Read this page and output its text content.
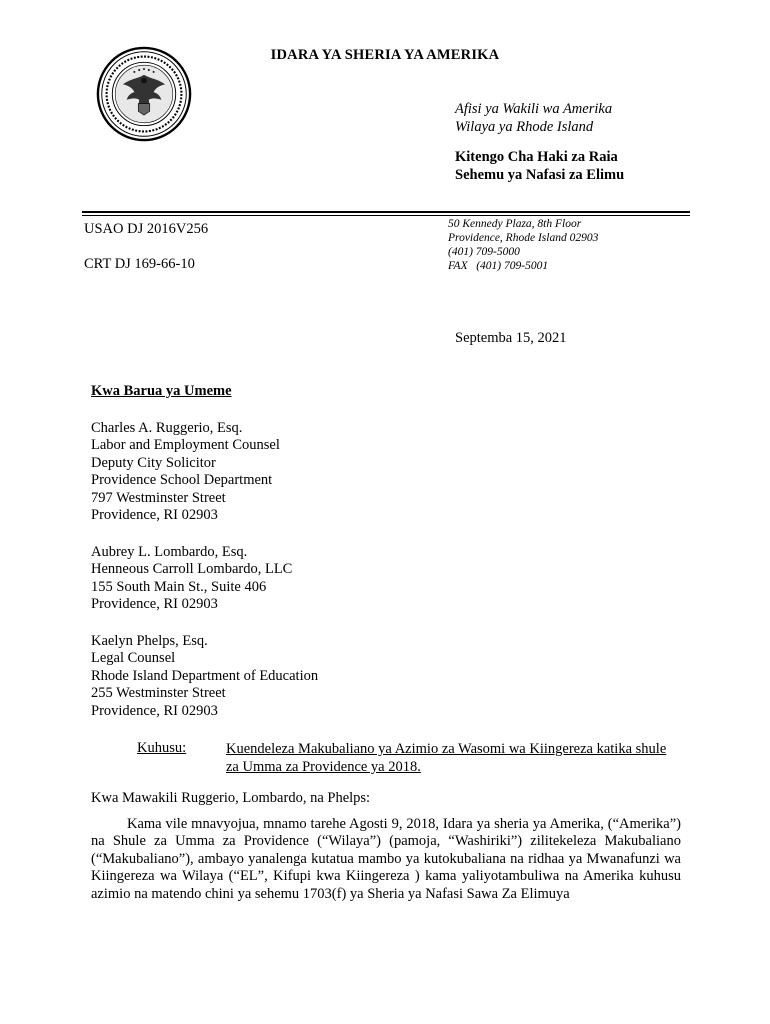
IDARA YA SHERIA YA AMERIKA
Afisi ya Wakili wa Amerika
Wilaya ya Rhode Island
Kitengo Cha Haki za Raia
Sehemu ya Nafasi za Elimu
USAO DJ 2016V256
CRT DJ 169-66-10
50 Kennedy Plaza, 8th Floor
Providence, Rhode Island 02903
(401) 709-5000
FAX   (401) 709-5001
Septemba 15, 2021
Kwa Barua ya Umeme
Charles A. Ruggerio, Esq.
Labor and Employment Counsel
Deputy City Solicitor
Providence School Department
797 Westminster Street
Providence, RI 02903
Aubrey L. Lombardo, Esq.
Henneous Carroll Lombardo, LLC
155 South Main St., Suite 406
Providence, RI 02903
Kaelyn Phelps, Esq.
Legal Counsel
Rhode Island Department of Education
255 Westminster Street
Providence, RI 02903
Kuhusu:	Kuendeleza Makubaliano ya Azimio za Wasomi wa Kiingereza katika shule za Umma za Providence ya 2018.
Kwa Mawakili Ruggerio, Lombardo, na Phelps:
Kama vile mnavyojua, mnamo tarehe Agosti 9, 2018, Idara ya sheria ya Amerika, (“Amerika”) na Shule za Umma za Providence (“Wilaya”) (pamoja, “Washiriki”) zilitekeleza Makubaliano (“Makubaliano”), ambayo yanalenga kutatua mambo ya kutokubaliana na ridhaa ya Mwanafunzi wa Kiingereza wa Wilaya (“EL”, Kifupi kwa Kiingereza ) kama yaliyotambuliwa na Amerika kuhusu azimio na matendo chini ya sehemu 1703(f) ya Sheria ya Nafasi Sawa Za Elimuya
